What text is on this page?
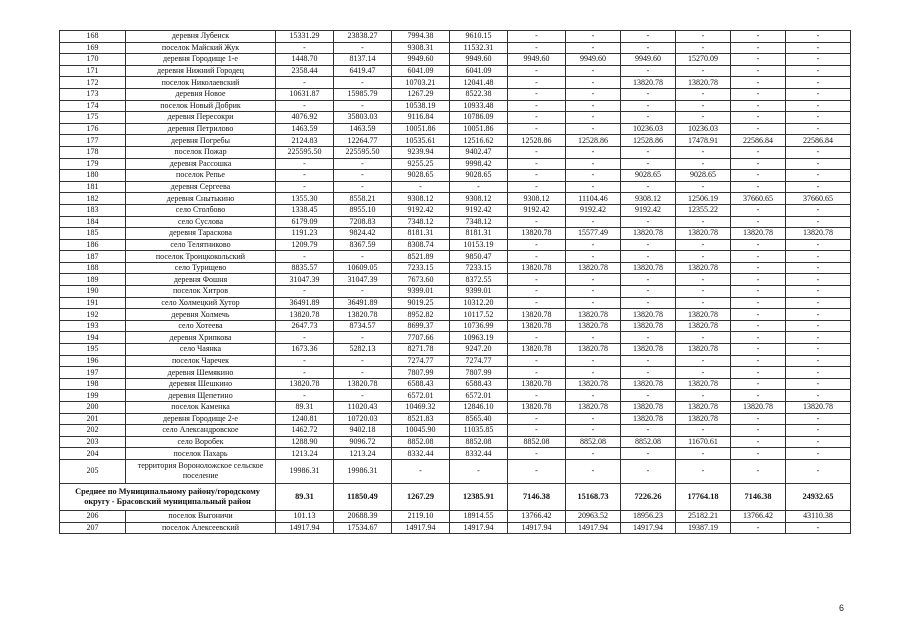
168	деревня Лубенск	15331.29	23838.27	7994.38	9610.15	-	-	-	-	-	-
169	поселок Майский Жук	-	-	9308.31	11532.31	-	-	-	-	-	-
170	деревня Городище 1-е	1448.70	8137.14	9949.60	9949.60	9949.60	9949.60	9949.60	15270.09	-	-
171	деревня Нижний Городец	2358.44	6419.47	6041.09	6041.09	-	-	-	-	-	-
172	поселок Николаевский	-	-	10703.21	12041.48	-	-	13820.78	13820.78	-	-
173	деревня Новое	10631.87	15985.79	1267.29	8522.38	-	-	-	-	-	-
174	поселок Новый Добрик	-	-	10538.19	10933.48	-	-	-	-	-	-
175	деревня Пересокри	4076.92	35803.03	9116.84	10786.09	-	-	-	-	-	-
176	деревня Петрилово	1463.59	1463.59	10051.86	10051.86	-	-	10236.03	10236.03	-	-
177	деревня Погребы	2124.83	12264.77	10535.61	12516.62	12528.86	12528.86	12528.86	17478.91	22586.84	22586.84
178	поселок Пожар	225595.50	225595.50	9239.94	9402.47	-	-	-	-	-	-
179	деревня Рассошка	-	-	9255.25	9998.42	-	-	-	-	-	-
180	поселок Репье	-	-	9028.65	9028.65	-	-	9028.65	9028.65	-	-
181	деревня Сергеева	-	-	-	-	-	-	-	-	-	-
182	деревня Снытькино	1355.30	8558.21	9308.12	9308.12	9308.12	11104.46	9308.12	12506.19	37660.65	37660.65
183	село Столбово	1338.45	8955.10	9192.42	9192.42	9192.42	9192.42	9192.42	12355.22	-	-
184	село Суслова	6179.09	7208.83	7348.12	7348.12	-	-	-	-	-	-
185	деревня Тараскова	1191.23	9824.42	8181.31	8181.31	13820.78	15577.49	13820.78	13820.78	13820.78	13820.78
186	село Телятниково	1209.79	8367.59	8308.74	10153.19	-	-	-	-	-	-
187	поселок Троицкокольский	-	-	8521.89	9850.47	-	-	-	-	-	-
188	село Турищево	8835.57	10609.05	7233.15	7233.15	13820.78	13820.78	13820.78	13820.78	-	-
189	деревня Фошня	31047.39	31047.39	7673.60	8372.55	-	-	-	-	-	-
190	поселок Хитров	-	-	9399.01	9399.01	-	-	-	-	-	-
191	село Холмецкий Хутор	36491.89	36491.89	9019.25	10312.20	-	-	-	-	-	-
192	деревня Холмечь	13820.78	13820.78	8952.82	10117.52	13820.78	13820.78	13820.78	13820.78	-	-
193	село Хотеева	2647.73	8734.57	8699.37	10736.99	13820.78	13820.78	13820.78	13820.78	-	-
194	деревня Хрипкова	-	-	7707.66	10963.19	-	-	-	-	-	-
195	село Чаянка	1673.36	5282.13	8271.78	9247.20	13820.78	13820.78	13820.78	13820.78	-	-
196	поселок Чаречек	-	-	7274.77	7274.77	-	-	-	-	-	-
197	деревня Шемякино	-	-	7807.99	7807.99	-	-	-	-	-	-
198	деревня Шешкино	13820.78	13820.78	6588.43	6588.43	13820.78	13820.78	13820.78	13820.78	-	-
199	деревня Щепетино	-	-	6572.01	6572.01	-	-	-	-	-	-
200	поселок Каменка	89.31	11020.43	10469.32	12846.10	13820.78	13820.78	13820.78	13820.78	13820.78	13820.78
201	деревня Городище 2-е	1240.81	10720.03	8521.83	8565.40	-	-	13820.78	13820.78	-	-
202	село Александровское	1462.72	9402.18	10045.90	11035.85	-	-	-	-	-	-
203	село Воробек	1288.90	9096.72	8852.08	8852.08	8852.08	8852.08	8852.08	11670.61	-	-
204	поселок Пахарь	1213.24	1213.24	8332.44	8332.44	-	-	-	-	-	-
205	территория Вороноложское сельское поселение	19986.31	19986.31	-	-	-	-	-	-	-	-
Среднее по Муниципальному району/городскому округу - Брасовский муниципальный район		89.31	11850.49	1267.29	12385.91	7146.38	15168.73	7226.26	17764.18	7146.38	24932.65
206	поселок Выгоничи	101.13	20688.39	2119.10	18914.55	13766.42	20963.52	18956.23	25182.21	13766.42	43110.38
207	поселок Алексеевский	14917.94	17534.67	14917.94	14917.94	14917.94	14917.94	14917.94	19387.19	-	-
6
